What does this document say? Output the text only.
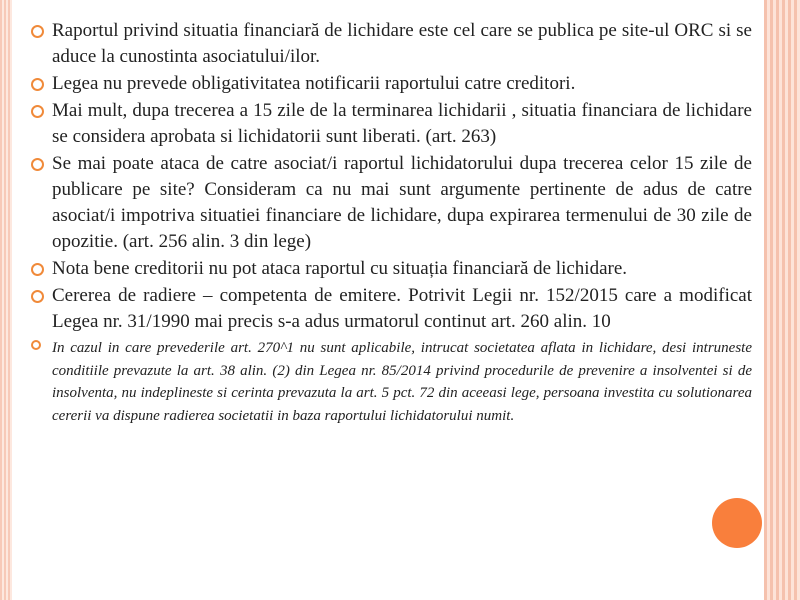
Raportul privind situatia financiară de lichidare este cel care se publica pe site-ul ORC si se aduce la cunostinta asociatului/ilor.
Legea nu prevede obligativitatea notificarii raportului catre creditori.
Mai mult, dupa trecerea a 15 zile de la terminarea lichidarii , situatia financiara de lichidare se considera aprobata si lichidatorii sunt liberati. (art. 263)
Se mai poate ataca de catre asociat/i raportul lichidatorului dupa trecerea celor 15 zile de publicare pe site? Consideram ca nu mai sunt argumente pertinente de adus de catre asociat/i impotriva situatiei financiare de lichidare, dupa expirarea termenului de 30 zile de opozitie. (art. 256 alin. 3 din lege)
Nota bene creditorii nu pot ataca raportul cu situația financiară de lichidare.
Cererea de radiere – competenta de emitere. Potrivit Legii nr. 152/2015 care a modificat Legea nr. 31/1990 mai precis s-a adus urmatorul continut art. 260 alin. 10
In cazul in care prevederile art. 270^1 nu sunt aplicabile, intrucat societatea aflata in lichidare, desi intruneste conditiile prevazute la art. 38 alin. (2) din Legea nr. 85/2014 privind procedurile de prevenire a insolventei si de insolventa, nu indeplineste si cerinta prevazuta la art. 5 pct. 72 din aceeasi lege, persoana investita cu solutionarea cererii va dispune radierea societatii in baza raportului lichidatorului numit.
